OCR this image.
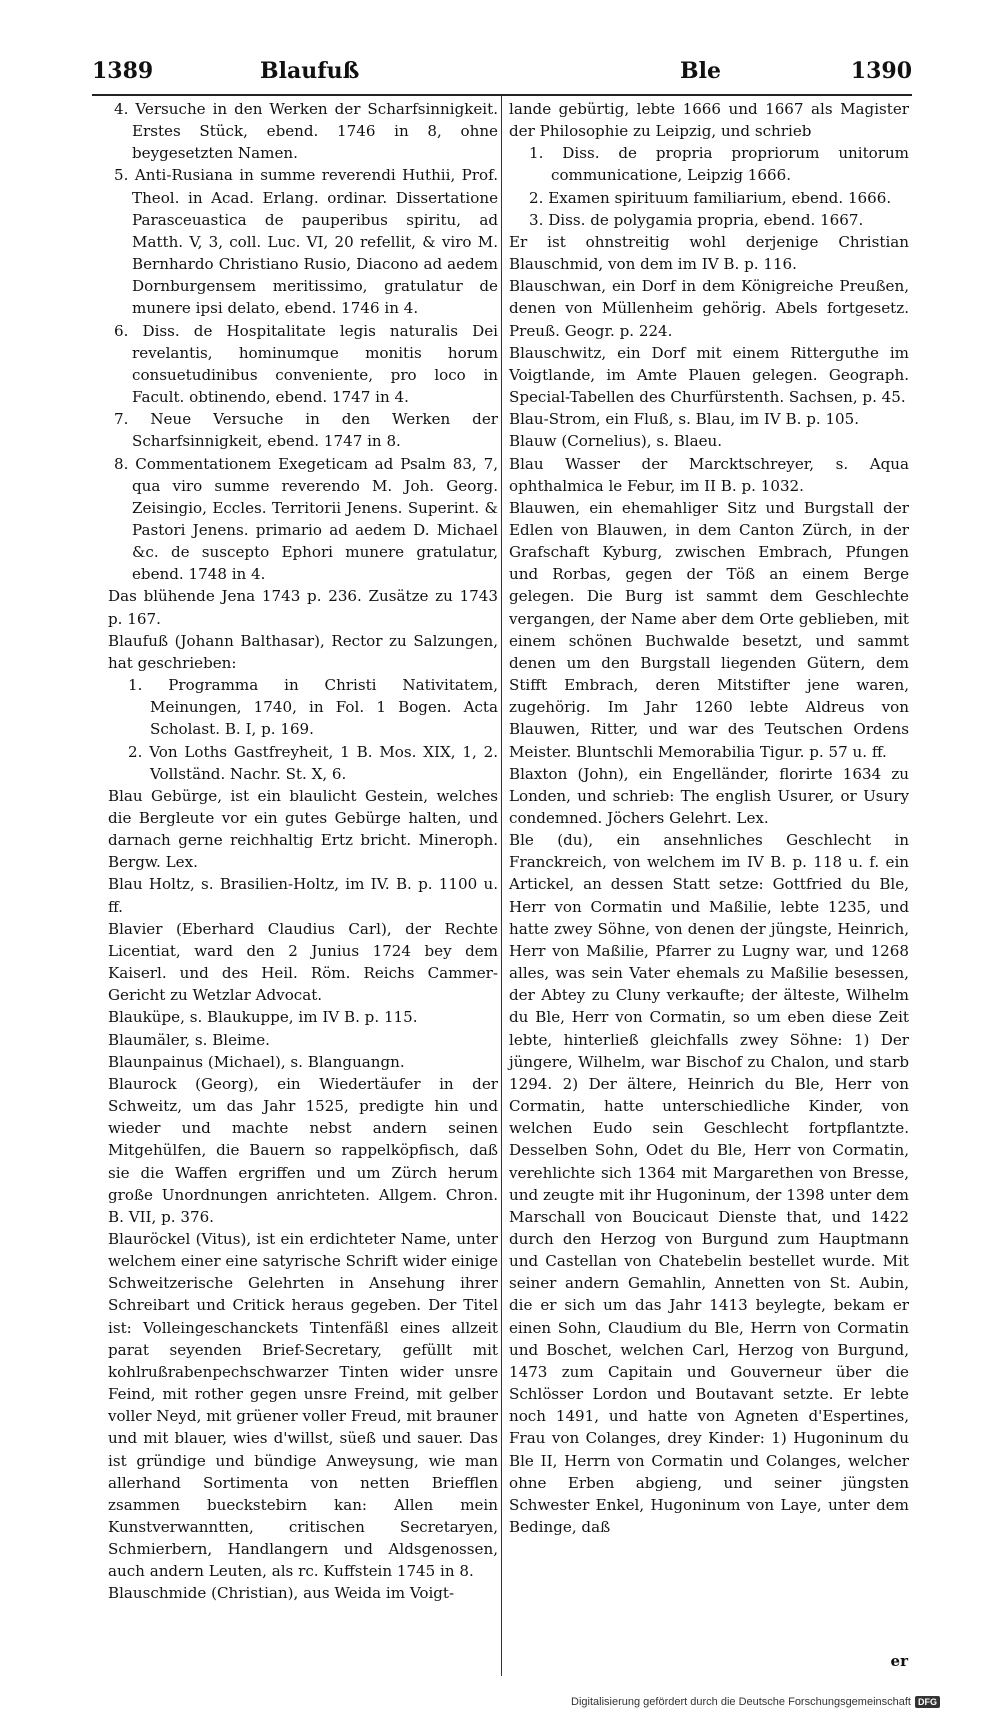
1389	Blaufuß	Ble	1390

4. Versuche in den Werken der Scharfsinnigkeit. Erstes Stück, ebend. 1746 in 8, ohne beygesetzten Namen.

5. Anti-Rusiana in summe reverendi Huthii, Prof. Theol. in Acad. Erlang. ordinar. Dissertatione Parasceuastica de pauperibus spiritu, ad Matth. V, 3, coll. Luc. VI, 20 refellit, & viro M. Bernhardo Christiano Rusio, Diacono ad aedem Dornburgensem meritissimo, gratulatur de munere ipsi delato, ebend. 1746 in 4.

6. Diss. de Hospitalitate legis naturalis Dei revelantis, hominumque monitis horum consuetudinibus conveniente, pro loco in Facult. obtinendo, ebend. 1747 in 4.

7. Neue Versuche in den Werken der Scharfsinnigkeit, ebend. 1747 in 8.

8. Commentationem Exegeticam ad Psalm 83, 7, qua viro summe reverendo M. Joh. Georg. Zeisingio, Eccles. Territorii Jenens. Superint. & Pastori Jenens. primario ad aedem D. Michael &c. de suscepto Ephori munere gratulatur, ebend. 1748 in 4.

Das blühende Jena 1743 p. 236. Zusätze zu 1743 p. 167.

Blaufuß (Johann Balthasar), Rector zu Salzungen, hat geschrieben:

1. Programma in Christi Nativitatem, Meinungen, 1740, in Fol. 1 Bogen. Acta Scholast. B. I, p. 169.

2. Von Loths Gastfreyheit, 1 B. Mos. XIX, 1, 2. Vollständ. Nachr. St. X, 6.

Blau Gebürge, ist ein blaulicht Gestein, welches die Bergleute vor ein gutes Gebürge halten, und darnach gerne reichhaltig Ertz bricht. Mineroph. Bergw. Lex.

Blau Holtz, s. Brasilien-Holtz, im IV. B. p. 1100 u. ff.

Blavier (Eberhard Claudius Carl), der Rechte Licentiat, ward den 2 Junius 1724 bey dem Kaiserl. und des Heil. Röm. Reichs Cammer-Gericht zu Wetzlar Advocat.

Blauküpe, s. Blaukuppe, im IV B. p. 115.

Blaumäler, s. Bleime.

Blaunpainus (Michael), s. Blanguangn.

Blaurock (Georg), ein Wiedertäufer in der Schweitz, um das Jahr 1525, predigte hin und wieder und machte nebst andern seinen Mitgehülfen, die Bauern so rappelköpfisch, daß sie die Waffen ergriffen und um Zürch herum große Unordnungen anrichteten. Allgem. Chron. B. VII, p. 376.

Blauröckel (Vitus), ist ein erdichteter Name, unter welchem einer eine satyrische Schrift wider einige Schweitzerische Gelehrten in Ansehung ihrer Schreibart und Critick heraus gegeben. Der Titel ist: Volleingeschanckets Tintenfäßl eines allzeit parat seyenden Brief-Secretary, gefüllt mit kohlrußrabenpechschwarzer Tinten wider unsre Feind, mit rother gegen unsre Freind, mit gelber voller Neyd, mit grüener voller Freud, mit brauner und mit blauer, wies d'willst, süeß und sauer. Das ist gründige und bündige Anweysung, wie man allerhand Sortimenta von netten Briefflen zsammen bueckstebirn kan: Allen mein Kunstverwanntten, critischen Secretaryen, Schmierbern, Handlangern und Aldsgenossen, auch andern Leuten, als rc. Kuffstein 1745 in 8.

Blauschmide (Christian), aus Weida im Voigt-

lande gebürtig, lebte 1666 und 1667 als Magister der Philosophie zu Leipzig, und schrieb

1. Diss. de propria propriorum unitorum communicatione, Leipzig 1666.

2. Examen spirituum familiarium, ebend. 1666.

3. Diss. de polygamia propria, ebend. 1667.

Er ist ohnstreitig wohl derjenige Christian Blauschmid, von dem im IV B. p. 116.

Blauschwan, ein Dorf in dem Königreiche Preußen, denen von Müllenheim gehörig. Abels fortgesetz. Preuß. Geogr. p. 224.

Blauschwitz, ein Dorf mit einem Ritterguthe im Voigtlande, im Amte Plauen gelegen. Geograph. Special-Tabellen des Churfürstenth. Sachsen, p. 45.

Blau-Strom, ein Fluß, s. Blau, im IV B. p. 105.

Blauw (Cornelius), s. Blaeu.

Blau Wasser der Marcktschreyer, s. Aqua ophthalmica le Febur, im II B. p. 1032.

Blauwen, ein ehemahliger Sitz und Burgstall der Edlen von Blauwen, in dem Canton Zürch, in der Grafschaft Kyburg, zwischen Embrach, Pfungen und Rorbas, gegen der Töß an einem Berge gelegen. Die Burg ist sammt dem Geschlechte vergangen, der Name aber dem Orte geblieben, mit einem schönen Buchwalde besetzt, und sammt denen um den Burgstall liegenden Gütern, dem Stifft Embrach, deren Mitstifter jene waren, zugehörig. Im Jahr 1260 lebte Aldreus von Blauwen, Ritter, und war des Teutschen Ordens Meister. Bluntschli Memorabilia Tigur. p. 57 u. ff.

Blaxton (John), ein Engelländer, florirte 1634 zu Londen, und schrieb: The english Usurer, or Usury condemned. Jöchers Gelehrt. Lex.

Ble (du), ein ansehnliches Geschlecht in Franckreich, von welchem im IV B. p. 118 u. f. ein Artickel, an dessen Statt setze: Gottfried du Ble, Herr von Cormatin und Maßilie, lebte 1235, und hatte zwey Söhne, von denen der jüngste, Heinrich, Herr von Maßilie, Pfarrer zu Lugny war, und 1268 alles, was sein Vater ehemals zu Maßilie besessen, der Abtey zu Cluny verkaufte; der älteste, Wilhelm du Ble, Herr von Cormatin, so um eben diese Zeit lebte, hinterließ gleichfalls zwey Söhne: 1) Der jüngere, Wilhelm, war Bischof zu Chalon, und starb 1294. 2) Der ältere, Heinrich du Ble, Herr von Cormatin, hatte unterschiedliche Kinder, von welchen Eudo sein Geschlecht fortpflantzte. Desselben Sohn, Odet du Ble, Herr von Cormatin, verehlichte sich 1364 mit Margarethen von Bresse, und zeugte mit ihr Hugoninum, der 1398 unter dem Marschall von Boucicaut Dienste that, und 1422 durch den Herzog von Burgund zum Hauptmann und Castellan von Chatebelin bestellet wurde. Mit seiner andern Gemahlin, Annetten von St. Aubin, die er sich um das Jahr 1413 beylegte, bekam er einen Sohn, Claudium du Ble, Herrn von Cormatin und Boschet, welchen Carl, Herzog von Burgund, 1473 zum Capitain und Gouverneur über die Schlösser Lordon und Boutavant setzte. Er lebte noch 1491, und hatte von Agneten d'Espertines, Frau von Colanges, drey Kinder: 1) Hugoninum du Ble II, Herrn von Cormatin und Colanges, welcher ohne Erben abgieng, und seiner jüngsten Schwester Enkel, Hugoninum von Laye, unter dem Bedinge, daß

er
Digitalisierung gefördert durch die Deutsche Forschungsgemeinschaft DFG
